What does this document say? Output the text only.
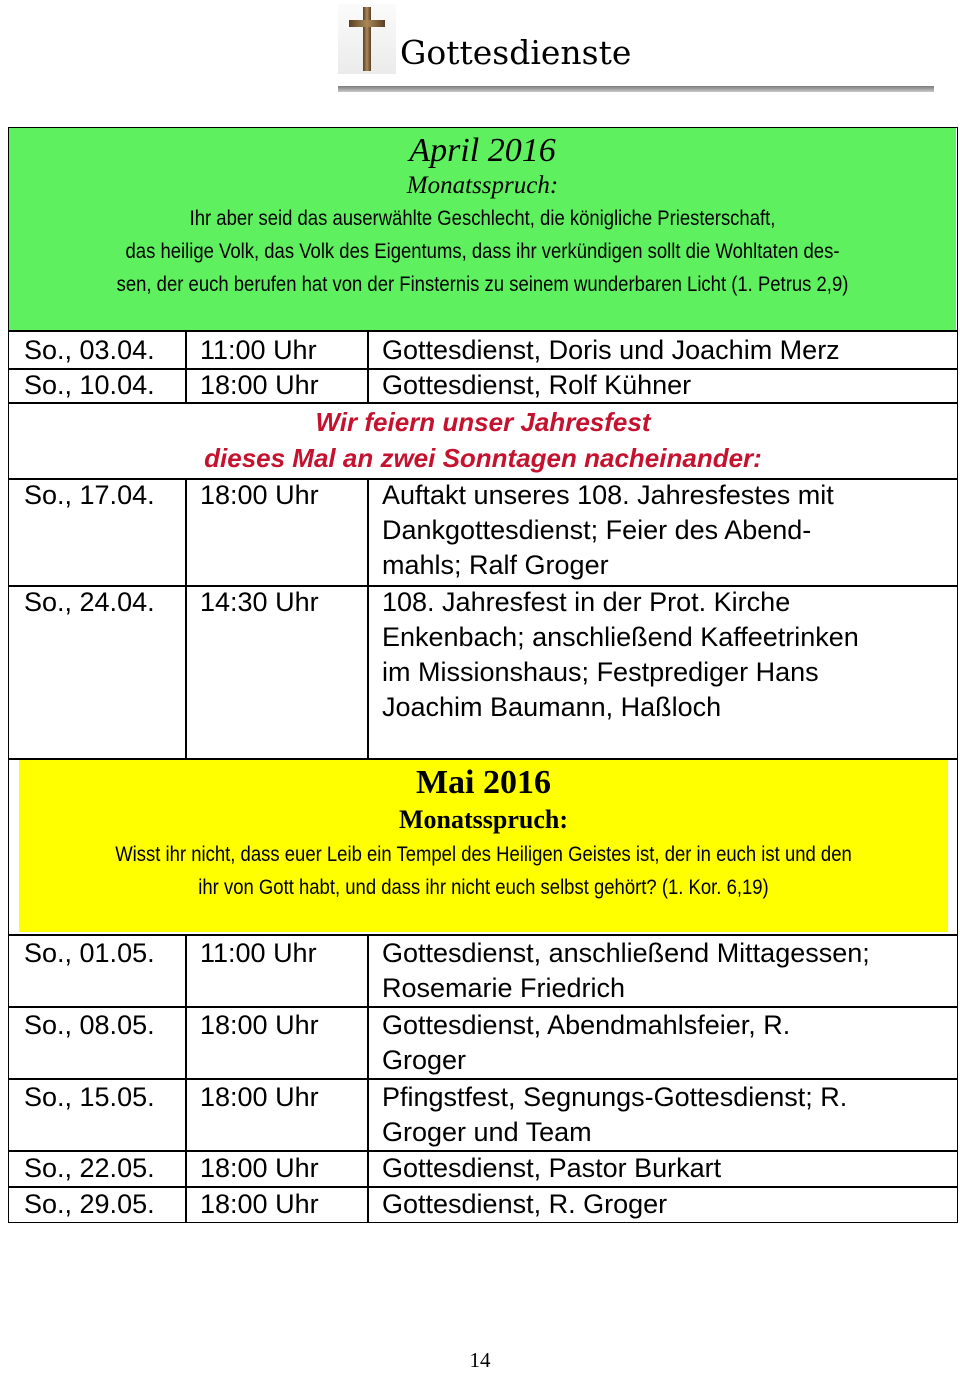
Gottesdienste
April 2016
Monatsspruch:
Ihr aber seid das auserwählte Geschlecht, die königliche Priesterschaft,
das heilige Volk, das Volk des Eigentums, dass ihr verkündigen sollt die Wohltaten des-
sen, der euch berufen hat von der Finsternis zu seinem wunderbaren Licht (1. Petrus 2,9)
So., 03.04. 11:00 Uhr Gottesdienst, Doris und Joachim Merz
So., 10.04. 18:00 Uhr Gottesdienst, Rolf Kühner
Wir feiern unser Jahresfest
dieses Mal an zwei Sonntagen nacheinander:
So., 17.04. 18:00 Uhr Auftakt unseres 108. Jahresfestes mit
Dankgottesdienst; Feier des Abend-
mahls; Ralf Groger
So., 24.04. 14:30 Uhr 108. Jahresfest in der Prot. Kirche
Enkenbach; anschließend Kaffeetrinken
im Missionshaus; Festprediger Hans
Joachim Baumann, Haßloch
Mai 2016
Monatsspruch:
Wisst ihr nicht, dass euer Leib ein Tempel des Heiligen Geistes ist, der in euch ist und den
ihr von Gott habt, und dass ihr nicht euch selbst gehört? (1. Kor. 6,19)
So., 01.05. 11:00 Uhr Gottesdienst, anschließend Mittagessen;
Rosemarie Friedrich
So., 08.05. 18:00 Uhr Gottesdienst, Abendmahlsfeier, R.
Groger
So., 15.05. 18:00 Uhr Pfingstfest, Segnungs-Gottesdienst; R.
Groger und Team
So., 22.05. 18:00 Uhr Gottesdienst, Pastor Burkart
So., 29.05. 18:00 Uhr Gottesdienst, R. Groger
14
